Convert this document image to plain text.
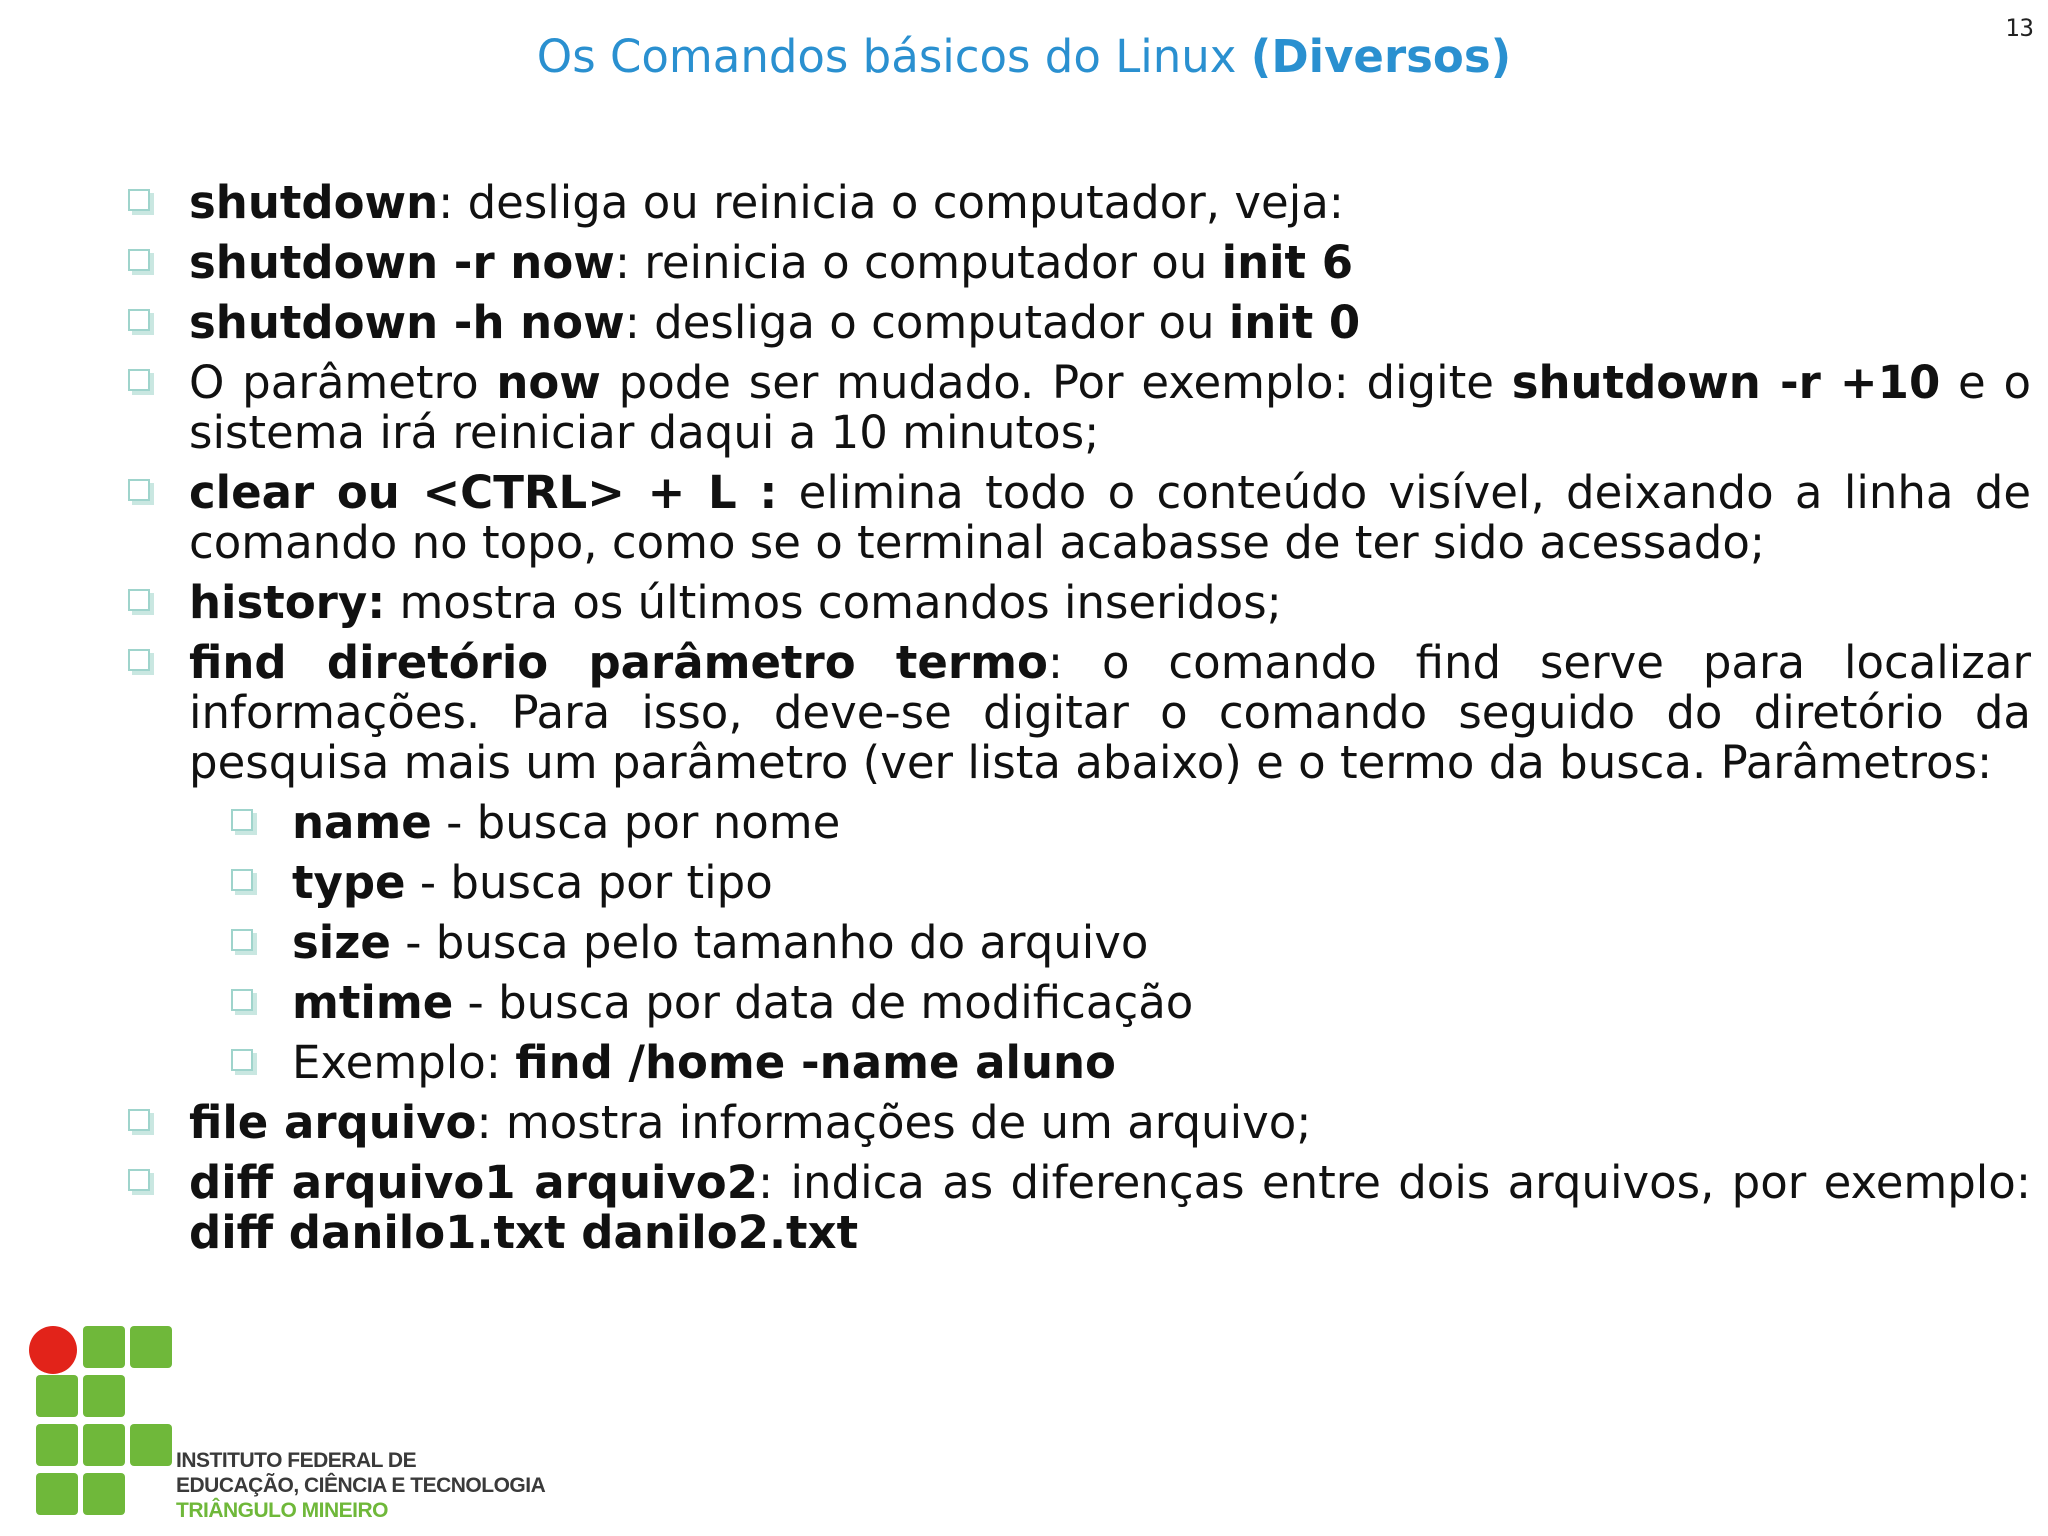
13
Os Comandos básicos do Linux (Diversos)
shutdown: desliga ou reinicia o computador, veja:
shutdown -r now: reinicia o computador ou init 6
shutdown -h now: desliga o computador ou init 0
O parâmetro now pode ser mudado. Por exemplo: digite shutdown -r +10 e o sistema irá reiniciar daqui a 10 minutos;
clear ou <CTRL> + L : elimina todo o conteúdo visível, deixando a linha de comando no topo, como se o terminal acabasse de ter sido acessado;
history: mostra os últimos comandos inseridos;
find diretório parâmetro termo: o comando find serve para localizar informações. Para isso, deve-se digitar o comando seguido do diretório da pesquisa mais um parâmetro (ver lista abaixo) e o termo da busca. Parâmetros:
name - busca por nome
type - busca por tipo
size - busca pelo tamanho do arquivo
mtime - busca por data de modificação
Exemplo: find /home -name aluno
file arquivo: mostra informações de um arquivo;
diff arquivo1 arquivo2: indica as diferenças entre dois arquivos, por exemplo: diff danilo1.txt danilo2.txt
INSTITUTO FEDERAL DE
EDUCAÇÃO, CIÊNCIA E TECNOLOGIA
TRIÂNGULO MINEIRO
